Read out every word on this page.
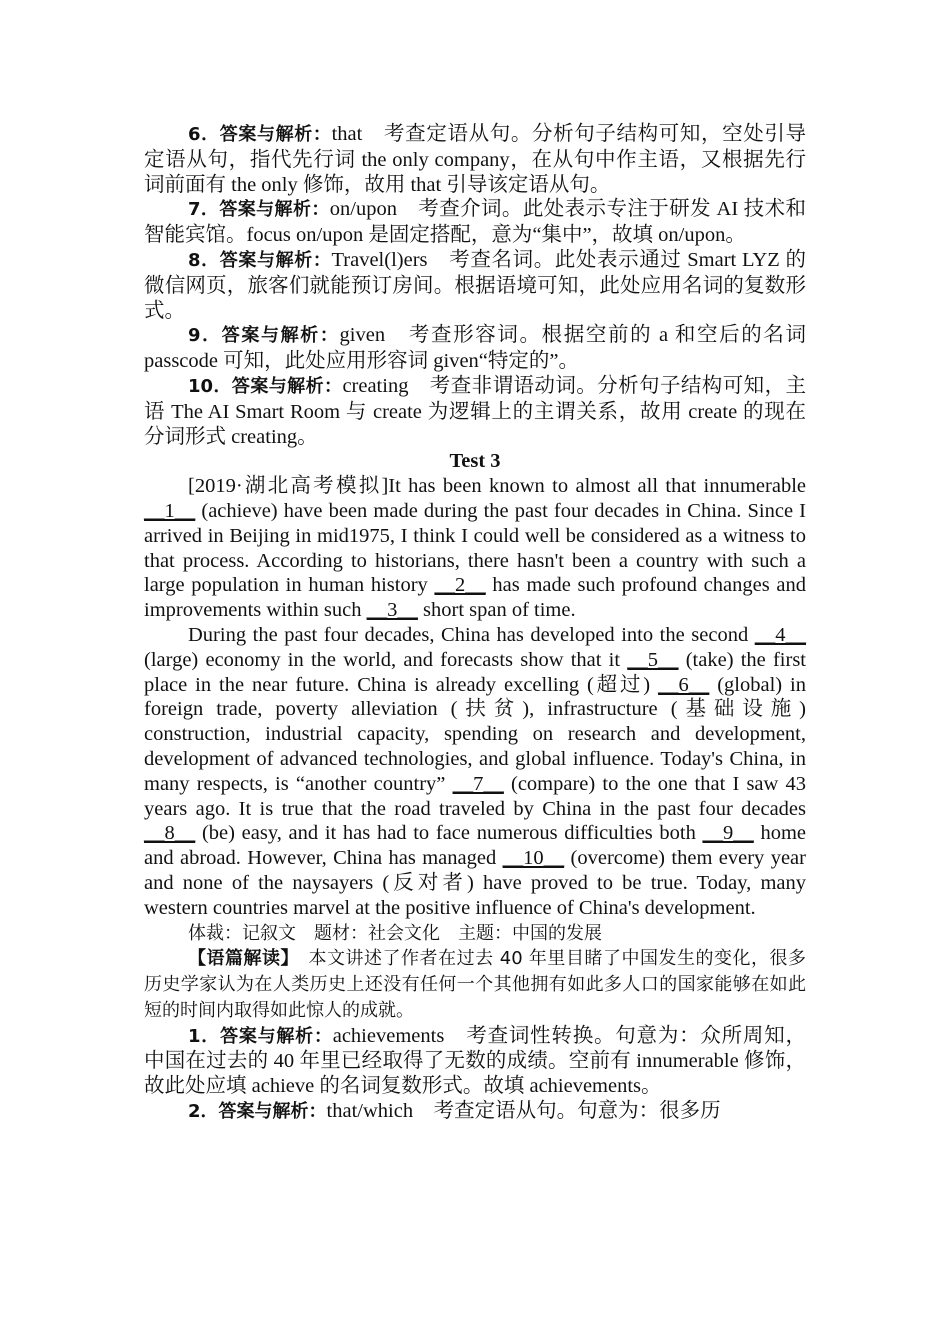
6．答案与解析：that　考查定语从句。分析句子结构可知，空处引导定语从句，指代先行词 the only company，在从句中作主语，又根据先行词前面有 the only 修饰，故用 that 引导该定语从句。

7．答案与解析：on/upon　考查介词。此处表示专注于研发 AI 技术和智能宾馆。focus on/upon 是固定搭配，意为“集中”，故填 on/upon。

8．答案与解析：Travel(l)ers　考查名词。此处表示通过 Smart LYZ 的微信网页，旅客们就能预订房间。根据语境可知，此处应用名词的复数形式。

9．答案与解析：given　考查形容词。根据空前的 a 和空后的名词 passcode 可知，此处应用形容词 given“特定的”。

10．答案与解析：creating　考查非谓语动词。分析句子结构可知，主语 The AI Smart Room 与 create 为逻辑上的主谓关系，故用 create 的现在分词形式 creating。

Test 3

[2019·湖北高考模拟]It has been known to almost all that innumerable __1__ (achieve) have been made during the past four decades in China. Since I arrived in Beijing in mid1975, I think I could well be considered as a witness to that process. According to historians, there hasn't been a country with such a large population in human history __2__ has made such profound changes and improvements within such __3__ short span of time.

During the past four decades, China has developed into the second __4__ (large) economy in the world, and forecasts show that it __5__ (take) the first place in the near future. China is already excelling (超过) __6__ (global) in foreign trade, poverty alleviation (扶贫), infrastructure (基础设施) construction, industrial capacity, spending on research and development, development of advanced technologies, and global influence. Today's China, in many respects, is “another country” __7__ (compare) to the one that I saw 43 years ago. It is true that the road traveled by China in the past four decades __8__ (be) easy, and it has had to face numerous difficulties both __9__ home and abroad. However, China has managed __10__ (overcome) them every year and none of the naysayers (反对者) have proved to be true. Today, many western countries marvel at the positive influence of China's development.

体裁：记叙文　题材：社会文化　主题：中国的发展

【语篇解读】　本文讲述了作者在过去 40 年里目睹了中国发生的变化，很多历史学家认为在人类历史上还没有任何一个其他拥有如此多人口的国家能够在如此短的时间内取得如此惊人的成就。

1．答案与解析：achievements　考查词性转换。句意为：众所周知，中国在过去的 40 年里已经取得了无数的成绩。空前有 innumerable 修饰，故此处应填 achieve 的名词复数形式。故填 achievements。

2．答案与解析：that/which　考查定语从句。句意为：很多历
